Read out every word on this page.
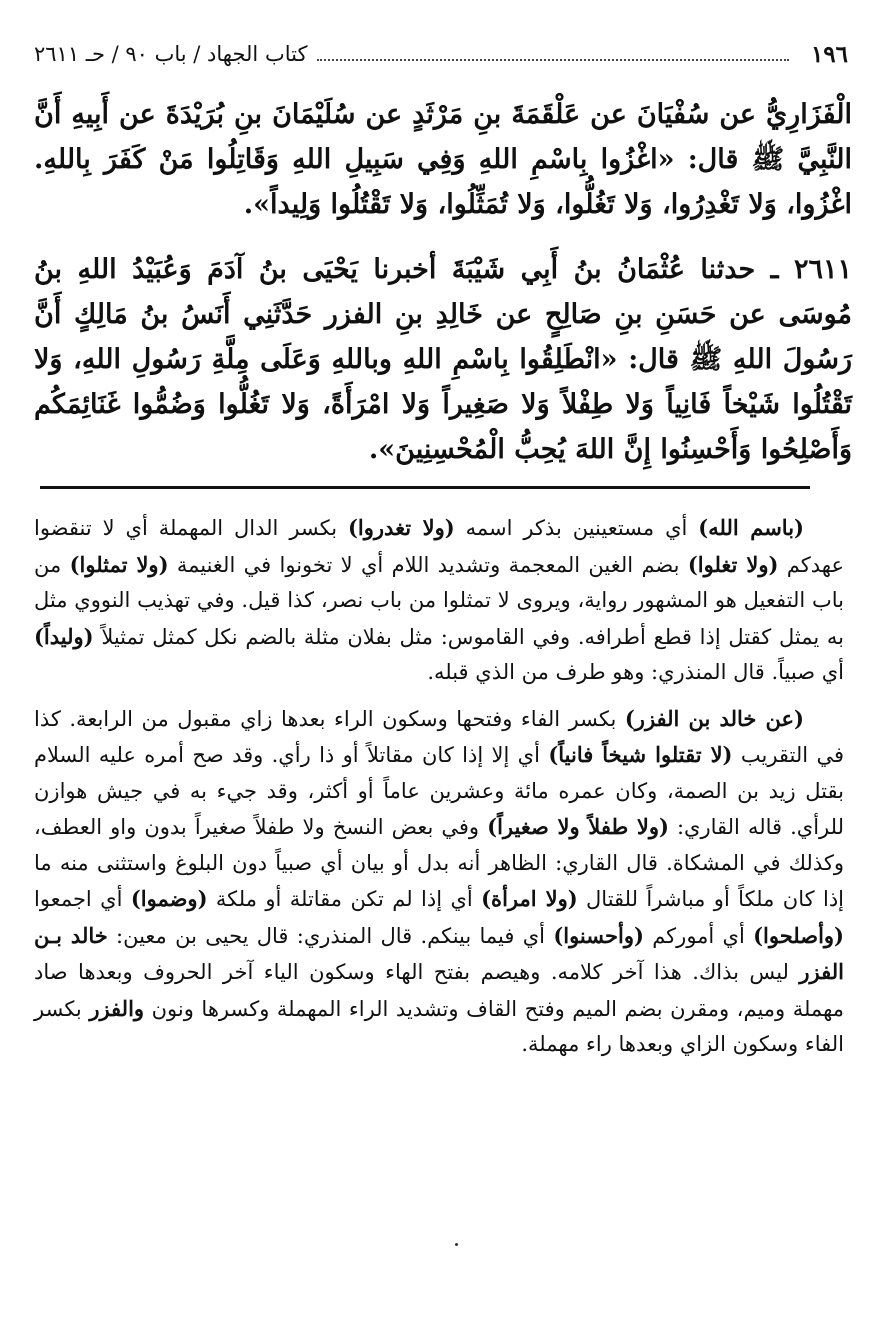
١٩٦
كتاب الجهاد / باب ٩٠ / حـ ٢٦١١

الْفَزَارِيُّ عن سُفْيَانَ عن عَلْقَمَةَ بنِ مَرْثَدٍ عن سُلَيْمَانَ بنِ بُرَيْدَةَ عن أَبِيهِ أَنَّ النَّبِيَّ ﷺ قال: «اغْزُوا بِاسْمِ اللهِ وَفِي سَبِيلِ اللهِ وَقَاتِلُوا مَنْ كَفَرَ بِاللهِ. اغْزُوا، وَلا تَغْدِرُوا، وَلا تَغُلُّوا، وَلا تُمَثِّلُوا، وَلا تَقْتُلُوا وَلِيداً».

٢٦١١ ـ حدثنا عُثْمَانُ بنُ أَبِي شَيْبَةَ أخبرنا يَحْيَى بنُ آدَمَ وَعُبَيْدُ اللهِ بنُ مُوسَى عن حَسَنِ بنِ صَالِحٍ عن خَالِدِ بنِ الفزر حَدَّثَنِي أَنَسُ بنُ مَالِكٍ أَنَّ رَسُولَ اللهِ ﷺ قال: «انْطَلِقُوا بِاسْمِ اللهِ وباللهِ وَعَلَى مِلَّةِ رَسُولِ اللهِ، وَلا تَقْتُلُوا شَيْخاً فَانِياً وَلا طِفْلاً وَلا صَغِيراً وَلا امْرَأَةً، وَلا تَغُلُّوا وَضُمُّوا غَنَائِمَكُم وَأَصْلِحُوا وَأَحْسِنُوا إِنَّ اللهَ يُحِبُّ الْمُحْسِنِينَ».

(باسم الله) أي مستعينين بذكر اسمه (ولا تغدروا) بكسر الدال المهملة أي لا تنقضوا عهدكم (ولا تغلوا) بضم الغين المعجمة وتشديد اللام أي لا تخونوا في الغنيمة (ولا تمثلوا) من باب التفعيل هو المشهور رواية، ويروى لا تمثلوا من باب نصر، كذا قيل. وفي تهذيب النووي مثل به يمثل كقتل إذا قطع أطرافه. وفي القاموس: مثل بفلان مثلة بالضم نكل كمثل تمثيلاً (وليداً) أي صبياً. قال المنذري: وهو طرف من الذي قبله.

(عن خالد بن الفزر) بكسر الفاء وفتحها وسكون الراء بعدها زاي مقبول من الرابعة. كذا في التقريب (لا تقتلوا شيخاً فانياً) أي إلا إذا كان مقاتلاً أو ذا رأي. وقد صح أمره عليه السلام بقتل زيد بن الصمة، وكان عمره مائة وعشرين عاماً أو أكثر، وقد جيء به في جيش هوازن للرأي. قاله القاري: (ولا طفلاً ولا صغيراً) وفي بعض النسخ ولا طفلاً صغيراً بدون واو العطف، وكذلك في المشكاة. قال القاري: الظاهر أنه بدل أو بيان أي صبياً دون البلوغ واستثنى منه ما إذا كان ملكاً أو مباشراً للقتال (ولا امرأة) أي إذا لم تكن مقاتلة أو ملكة (وضموا) أي اجمعوا (وأصلحوا) أي أموركم (وأحسنوا) أي فيما بينكم. قال المنذري: قال يحيى بن معين: خالد بـن الفزر ليس بذاك. هذا آخر كلامه. وهيصم بفتح الهاء وسكون الياء آخر الحروف وبعدها صاد مهملة وميم، ومقرن بضم الميم وفتح القاف وتشديد الراء المهملة وكسرها ونون والفزر بكسر الفاء وسكون الزاي وبعدها راء مهملة.
